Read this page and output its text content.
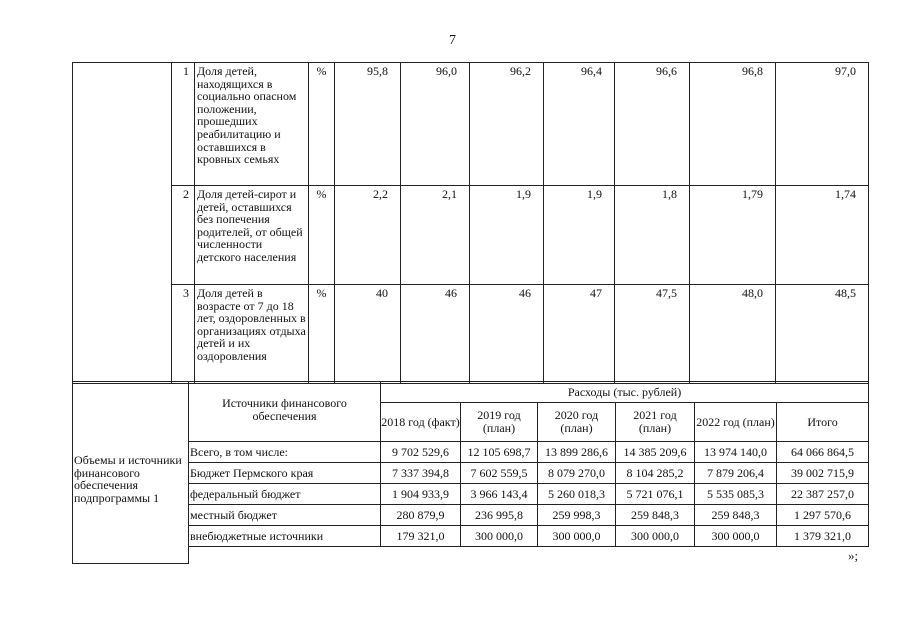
7
	1	Доля детей, находящихся в социально опасном положении, прошедших реабилитацию и оставшихся в кровных семьях	%	95,8	96,0	96,2	96,4	96,6	96,8	97,0
	2	Доля детей-сирот и детей, оставшихся без попечения родителей, от общей численности детского населения	%	2,2	2,1	1,9	1,9	1,8	1,79	1,74
	3	Доля детей в возрасте от 7 до 18 лет, оздоровленных в организациях отдыха детей и их оздоровления	%	40	46	46	47	47,5	48,0	48,5
Объемы и источники финансового обеспечения подпрограммы 1	Источники финансового обеспечения	Расходы (тыс. рублей)					
		2018 год (факт)	2019 год (план)	2020 год (план)	2021 год (план)	2022 год (план)	Итого
	Всего, в том числе:	9 702 529,6	12 105 698,7	13 899 286,6	14 385 209,6	13 974 140,0	64 066 864,5
	Бюджет Пермского края	7 337 394,8	7 602 559,5	8 079 270,0	8 104 285,2	7 879 206,4	39 002 715,9
	федеральный бюджет	1 904 933,9	3 966 143,4	5 260 018,3	5 721 076,1	5 535 085,3	22 387 257,0
	местный бюджет	280 879,9	236 995,8	259 998,3	259 848,3	259 848,3	1 297 570,6
	внебюджетные источники	179 321,0	300 000,0	300 000,0	300 000,0	300 000,0	1 379 321,0

»;
